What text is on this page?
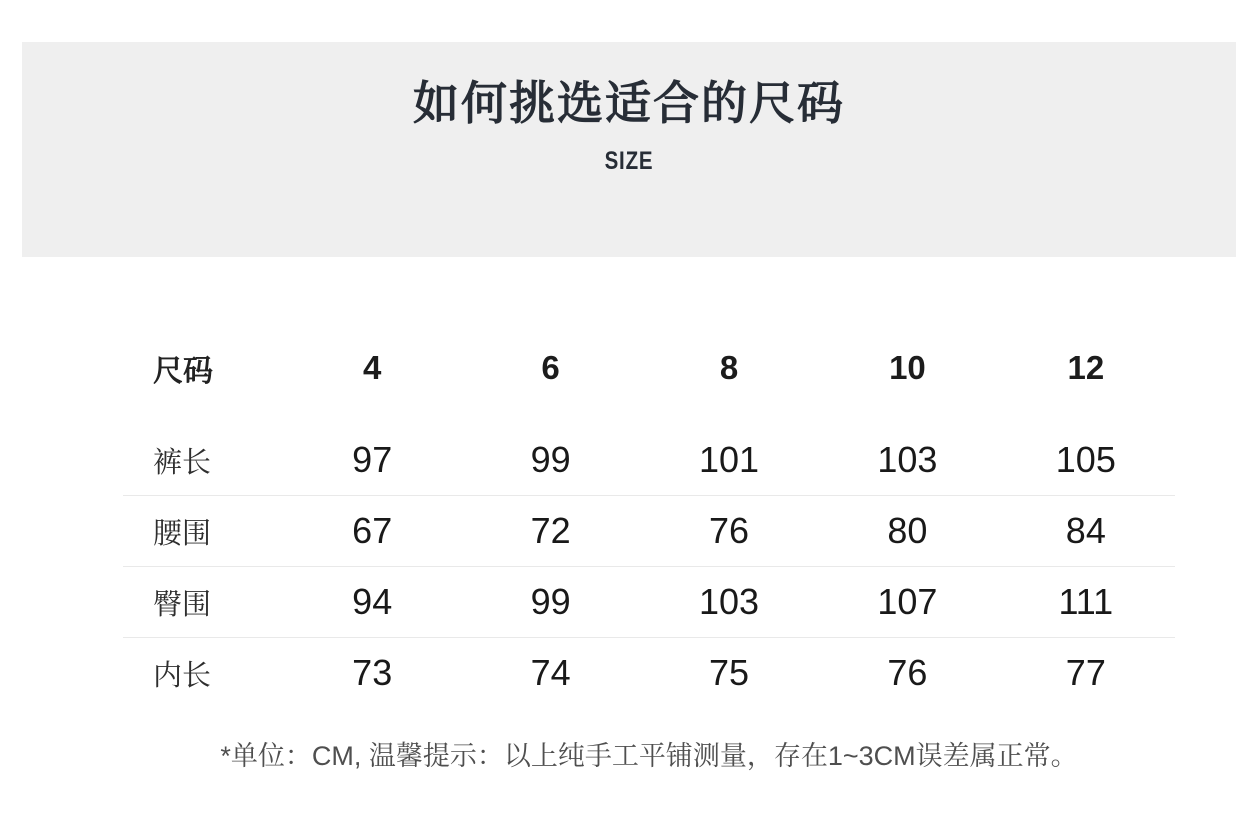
如何挑选适合的尺码
SIZE
尺码	4	6	8	10	12
裤长	97	99	101	103	105
腰围	67	72	76	80	84
臀围	94	99	103	107	111
内长	73	74	75	76	77
*单位：CM, 温馨提示：以上纯手工平铺测量，存在1~3CM误差属正常。
